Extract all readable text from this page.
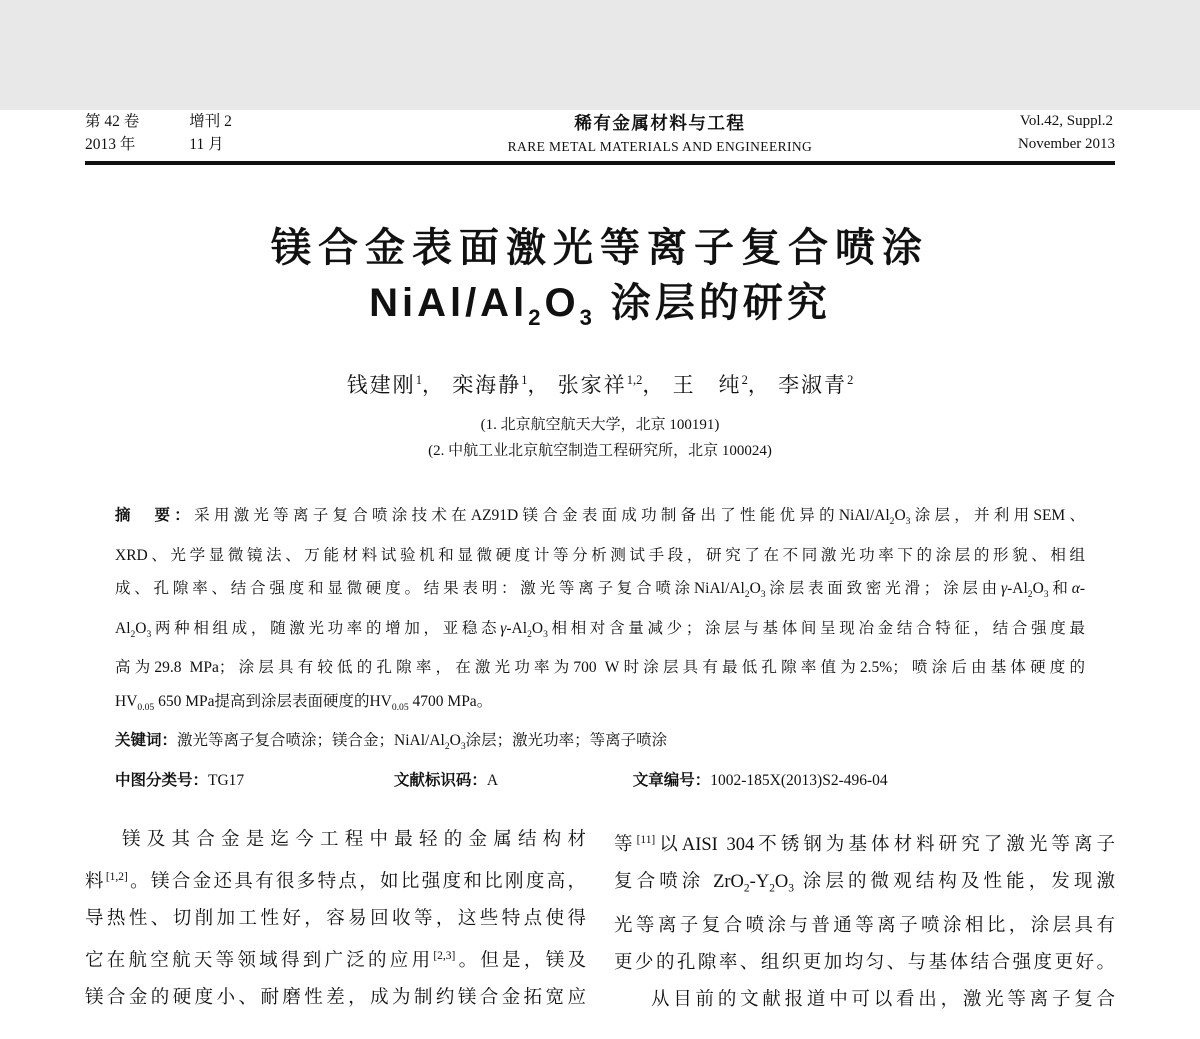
第 42 卷	增刊 2
2013 年	11 月
稀有金属材料与工程
RARE METAL MATERIALS AND ENGINEERING
Vol.42, Suppl.2
November 2013
镁合金表面激光等离子复合喷涂
NiAl/$Al_2O_3$ 涂层的研究
钱建刚$^1$， 栾海静$^1$， 张家祥$^{1,2}$， 王　纯$^2$， 李淑青$^2$
(1. 北京航空航天大学，北京 100191)
(2. 中航工业北京航空制造工程研究所，北京 100024)
摘　要：采用激光等离子复合喷涂技术在AZ91D镁合金表面成功制备出了性能优异的NiAl/$Al_2O_3$涂层，并利用SEM、
XRD、光学显微镜法、万能材料试验机和显微硬度计等分析测试手段，研究了在不同激光功率下的涂层的形貌、相组
成、孔隙率、结合强度和显微硬度。结果表明：激光等离子复合喷涂NiAl/$Al_2O_3$涂层表面致密光滑；涂层由$\gamma-Al_2O_3$和α-
$Al_2O_3$两种相组成，随激光功率的增加，亚稳态$\gamma-Al_2O_3$相相对含量减少；涂层与基体间呈现冶金结合特征，结合强度最
高为29.8 MPa；涂层具有较低的孔隙率，在激光功率为700 W时涂层具有最低孔隙率值为2.5%；喷涂后由基体硬度的
$HV_{0.05}$ 650 MPa提高到涂层表面硬度的$HV_{0.05}$ 4700 MPa。
关键词：激光等离子复合喷涂；镁合金；NiAl/$Al_2O_3$涂层；激光功率；等离子喷涂
中图分类号：TG17	文献标识码：A	文章编号：1002-185X(2013)S2-496-04
镁及其合金是迄今工程中最轻的金属结构材
料[1,2]。镁合金还具有很多特点，如比强度和比刚度高，
导热性、切削加工性好，容易回收等，这些特点使得
它在航空航天等领域得到广泛的应用[2,3]。但是，镁及
镁合金的硬度小、耐磨性差，成为制约镁合金拓宽应
等[11]以AISI 304不锈钢为基体材料研究了激光等离子
复合喷涂 $ZrO_2-Y_2O_3$ 涂层的微观结构及性能，发现激
光等离子复合喷涂与普通等离子喷涂相比，涂层具有
更少的孔隙率、组织更加均匀、与基体结合强度更好。
从目前的文献报道中可以看出，激光等离子复合
